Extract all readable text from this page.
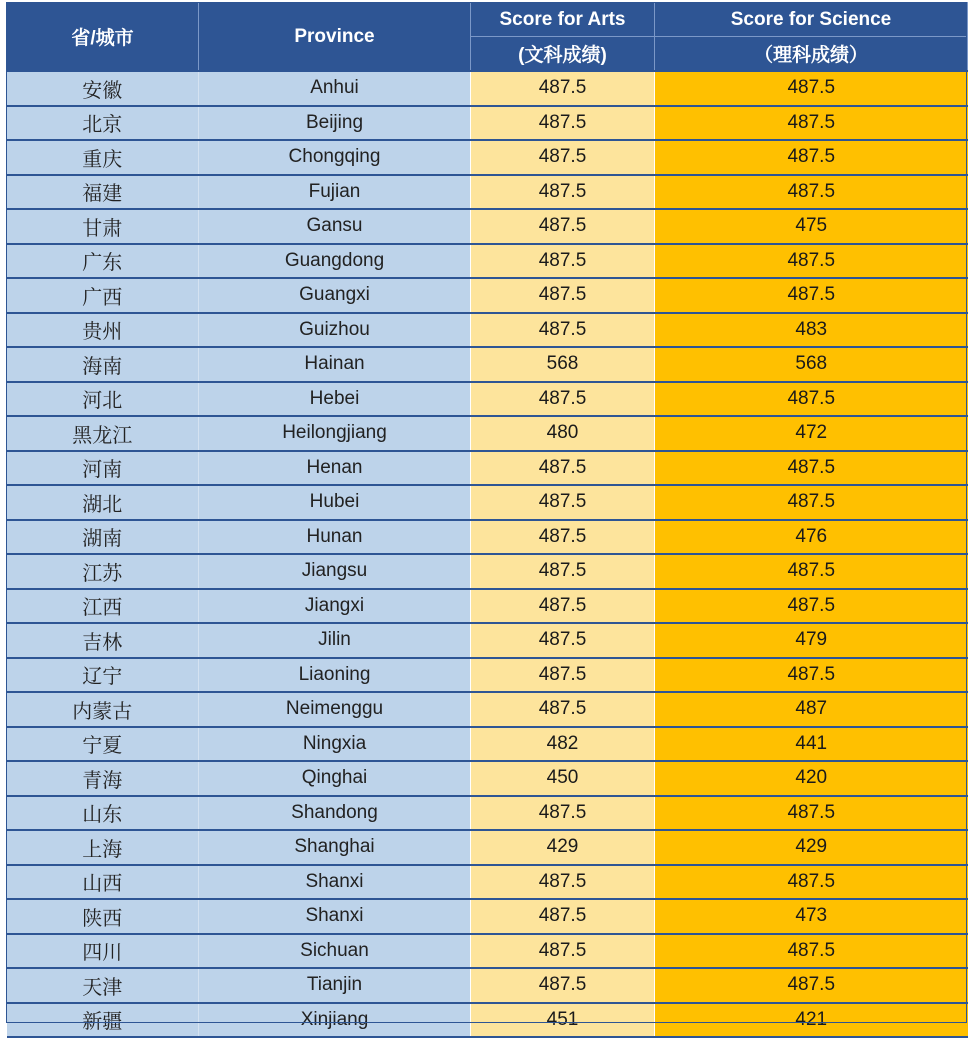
省/城市	Province	Score for Arts	Score for Science
		(文科成绩)	（理科成绩）
安徽	Anhui	487.5	487.5
北京	Beijing	487.5	487.5
重庆	Chongqing	487.5	487.5
福建	Fujian	487.5	487.5
甘肃	Gansu	487.5	475
广东	Guangdong	487.5	487.5
广西	Guangxi	487.5	487.5
贵州	Guizhou	487.5	483
海南	Hainan	568	568
河北	Hebei	487.5	487.5
黑龙江	Heilongjiang	480	472
河南	Henan	487.5	487.5
湖北	Hubei	487.5	487.5
湖南	Hunan	487.5	476
江苏	Jiangsu	487.5	487.5
江西	Jiangxi	487.5	487.5
吉林	Jilin	487.5	479
辽宁	Liaoning	487.5	487.5
内蒙古	Neimenggu	487.5	487
宁夏	Ningxia	482	441
青海	Qinghai	450	420
山东	Shandong	487.5	487.5
上海	Shanghai	429	429
山西	Shanxi	487.5	487.5
陕西	Shanxi	487.5	473
四川	Sichuan	487.5	487.5
天津	Tianjin	487.5	487.5
新疆	Xinjiang	451	421
